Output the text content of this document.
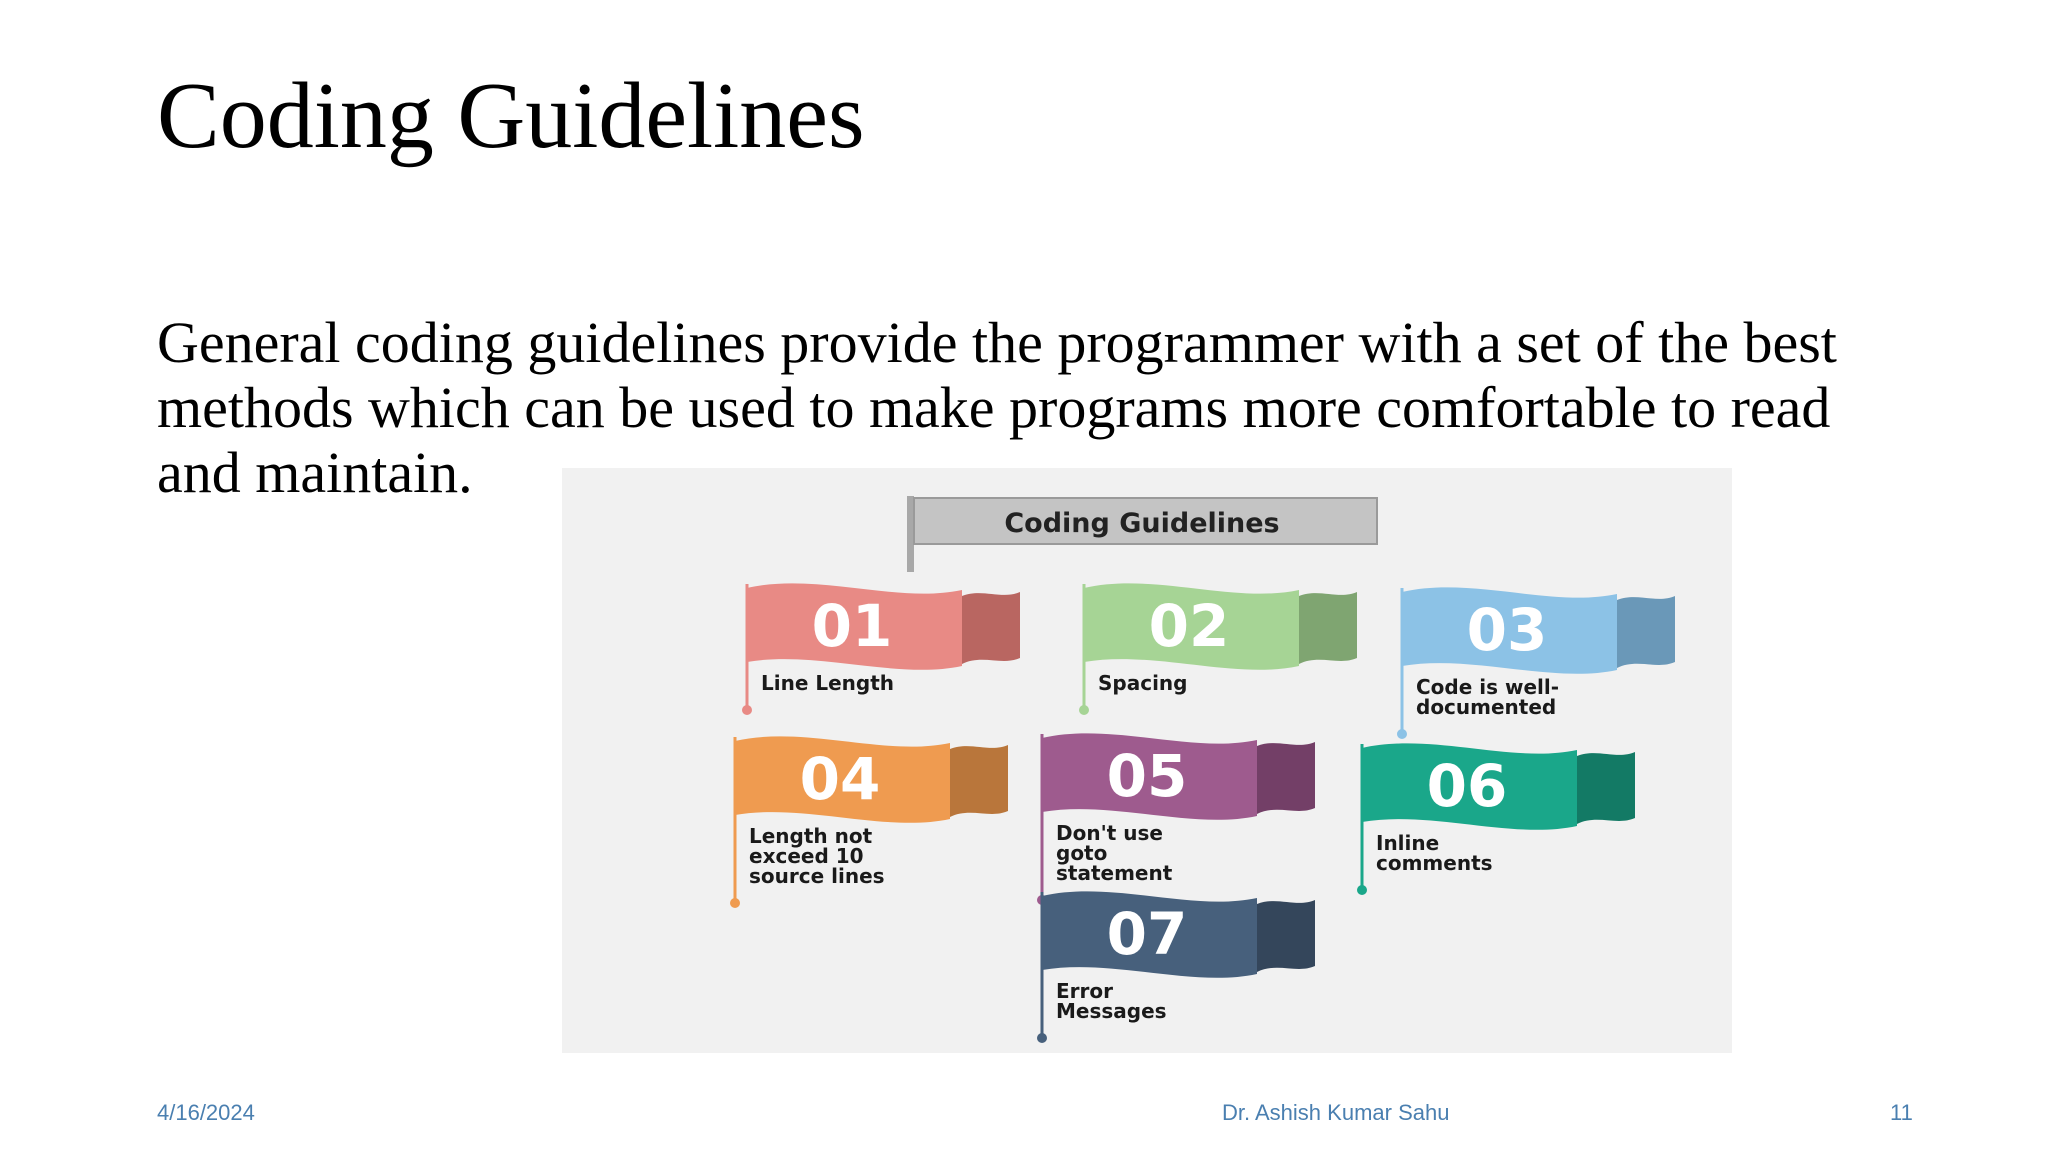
Coding Guidelines
General coding guidelines provide the programmer with a set of the best methods which can be used to make programs more comfortable to read and maintain.
Coding Guidelines
01
Line Length
02
Spacing
03
Code is well-
documented
04
Length not
exceed 10
source lines
05
Don't use
goto
statement
06
Inline
comments
07
Error
Messages
4/16/2024	Dr. Ashish Kumar Sahu	11
